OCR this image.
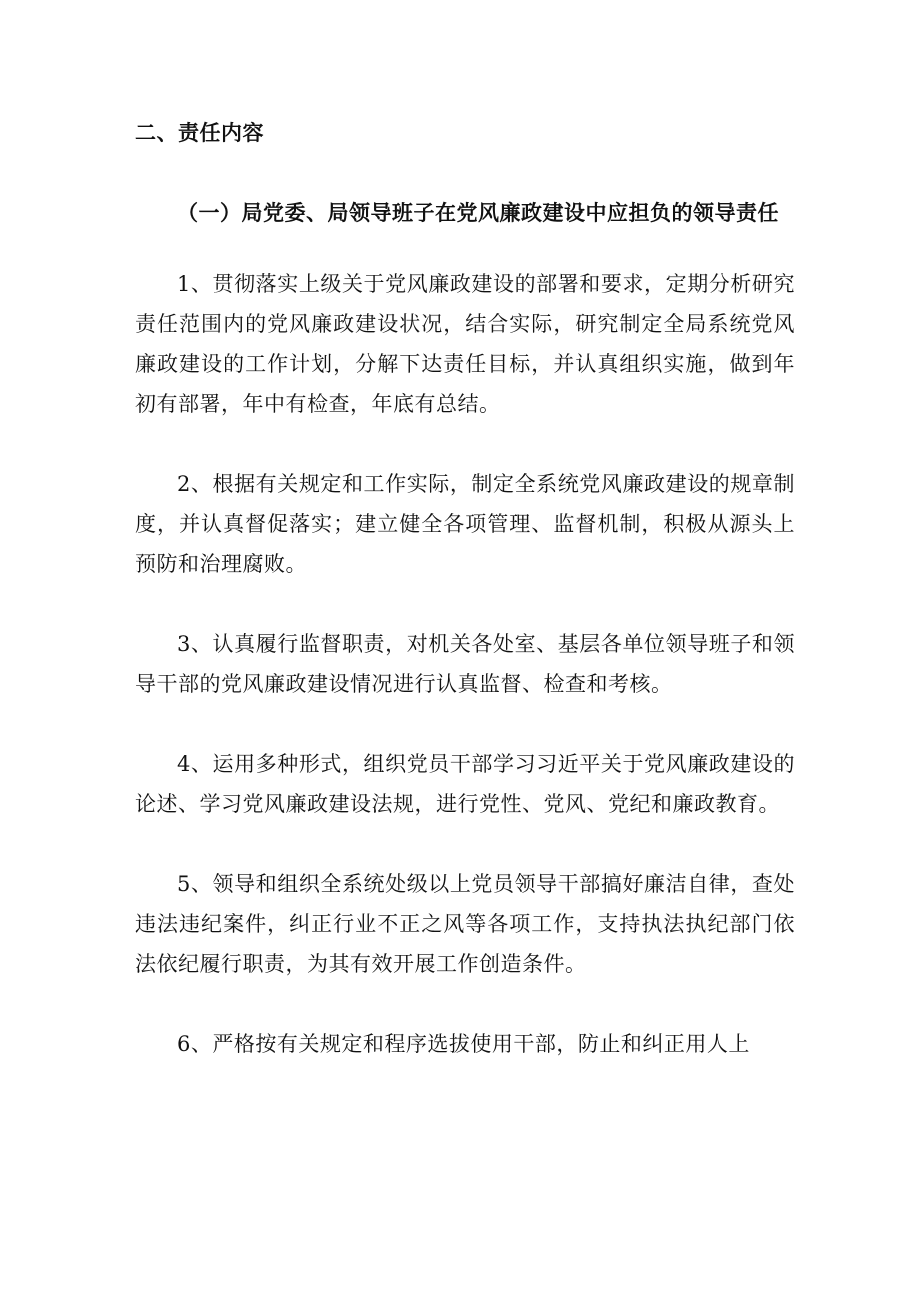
二、责任内容

（一）局党委、局领导班子在党风廉政建设中应担负的领导责任

1、贯彻落实上级关于党风廉政建设的部署和要求，定期分析研究责任范围内的党风廉政建设状况，结合实际，研究制定全局系统党风廉政建设的工作计划，分解下达责任目标，并认真组织实施，做到年初有部署，年中有检查，年底有总结。

2、根据有关规定和工作实际，制定全系统党风廉政建设的规章制度，并认真督促落实；建立健全各项管理、监督机制，积极从源头上预防和治理腐败。

3、认真履行监督职责，对机关各处室、基层各单位领导班子和领导干部的党风廉政建设情况进行认真监督、检查和考核。

4、运用多种形式，组织党员干部学习习近平关于党风廉政建设的论述、学习党风廉政建设法规，进行党性、党风、党纪和廉政教育。

5、领导和组织全系统处级以上党员领导干部搞好廉洁自律，查处违法违纪案件，纠正行业不正之风等各项工作，支持执法执纪部门依法依纪履行职责，为其有效开展工作创造条件。

6、严格按有关规定和程序选拔使用干部，防止和纠正用人上
